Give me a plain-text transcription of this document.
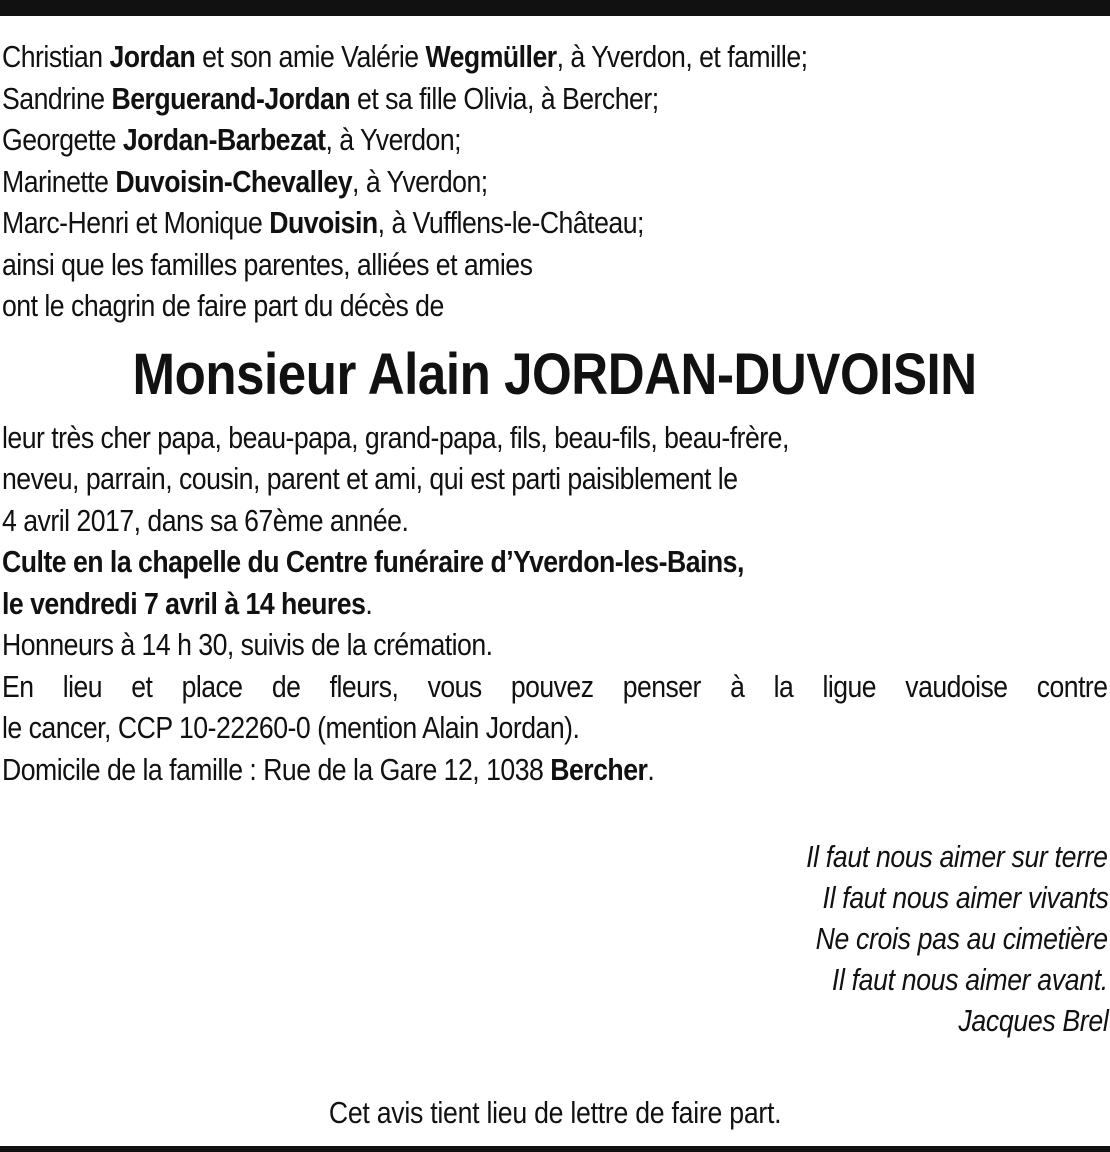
Christian Jordan et son amie Valérie Wegmüller, à Yverdon, et famille;
Sandrine Berguerand-Jordan et sa fille Olivia, à Bercher;
Georgette Jordan-Barbezat, à Yverdon;
Marinette Duvoisin-Chevalley, à Yverdon;
Marc-Henri et Monique Duvoisin, à Vufflens-le-Château;
ainsi que les familles parentes, alliées et amies
ont le chagrin de faire part du décès de
Monsieur Alain JORDAN-DUVOISIN
leur très cher papa, beau-papa, grand-papa, fils, beau-fils, beau-frère,
neveu, parrain, cousin, parent et ami, qui est parti paisiblement le
4 avril 2017, dans sa 67ème année.
Culte en la chapelle du Centre funéraire d’Yverdon-les-Bains,
le vendredi 7 avril à 14 heures.
Honneurs à 14 h 30, suivis de la crémation.
En lieu et place de fleurs, vous pouvez penser à la ligue vaudoise contre
le cancer, CCP 10-22260-0 (mention Alain Jordan).
Domicile de la famille : Rue de la Gare 12, 1038 Bercher.
Il faut nous aimer sur terre
Il faut nous aimer vivants
Ne crois pas au cimetière
Il faut nous aimer avant.
Jacques Brel
Cet avis tient lieu de lettre de faire part.
